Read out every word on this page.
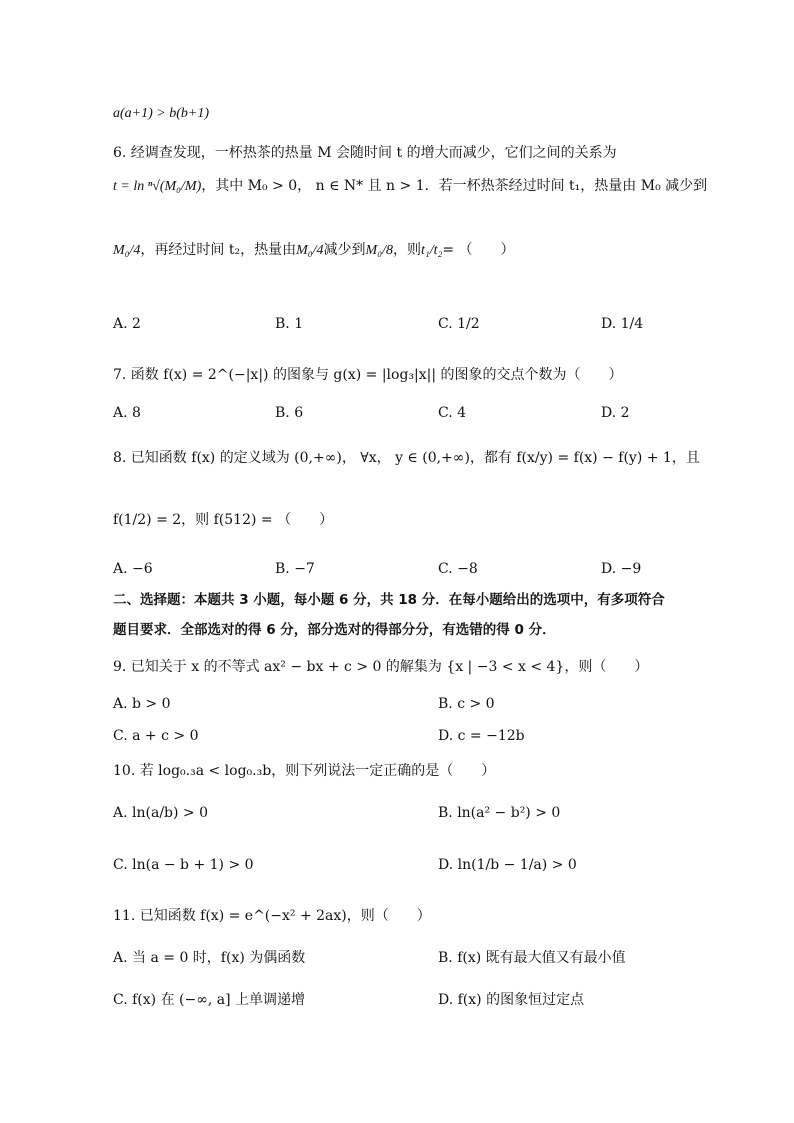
a(a+1) > b(b+1)
6. 经调查发现，一杯热茶的热量 M 会随时间 t 的增大而减少，它们之间的关系为
t = ln ⁿ√(M₀/M)，其中 M₀ > 0， n ∈ N* 且 n > 1．若一杯热茶经过时间 t₁，热量由 M₀ 减少到
M₀/4，再经过时间 t₂，热量由M₀/4减少到M₀/8，则t₁/t₂= （　　）
A. 2	B. 1	C. 1/2	D. 1/4
7. 函数 f(x) = 2^(−|x|) 的图象与 g(x) = |log₃|x|| 的图象的交点个数为（　　）
A. 8	B. 6	C. 4	D. 2
8. 已知函数 f(x) 的定义域为 (0,+∞)， ∀x， y ∈ (0,+∞)，都有 f(x/y) = f(x) − f(y) + 1，且
f(1/2) = 2，则 f(512) = （　　）
A. −6	B. −7	C. −8	D. −9
二、选择题：本题共 3 小题，每小题 6 分，共 18 分．在每小题给出的选项中，有多项符合
题目要求．全部选对的得 6 分，部分选对的得部分分，有选错的得 0 分．
9. 已知关于 x 的不等式 ax² − bx + c > 0 的解集为 {x | −3 < x < 4}，则（　　）
A. b > 0	B. c > 0
C. a + c > 0	D. c = −12b
10. 若 log₀.₃a < log₀.₃b，则下列说法一定正确的是（　　）
A. ln(a/b) > 0	B. ln(a² − b²) > 0
C. ln(a − b + 1) > 0	D. ln(1/b − 1/a) > 0
11. 已知函数 f(x) = e^(−x² + 2ax)，则（　　）
A. 当 a = 0 时，f(x) 为偶函数	B. f(x) 既有最大值又有最小值
C. f(x) 在 (−∞, a] 上单调递增	D. f(x) 的图象恒过定点
